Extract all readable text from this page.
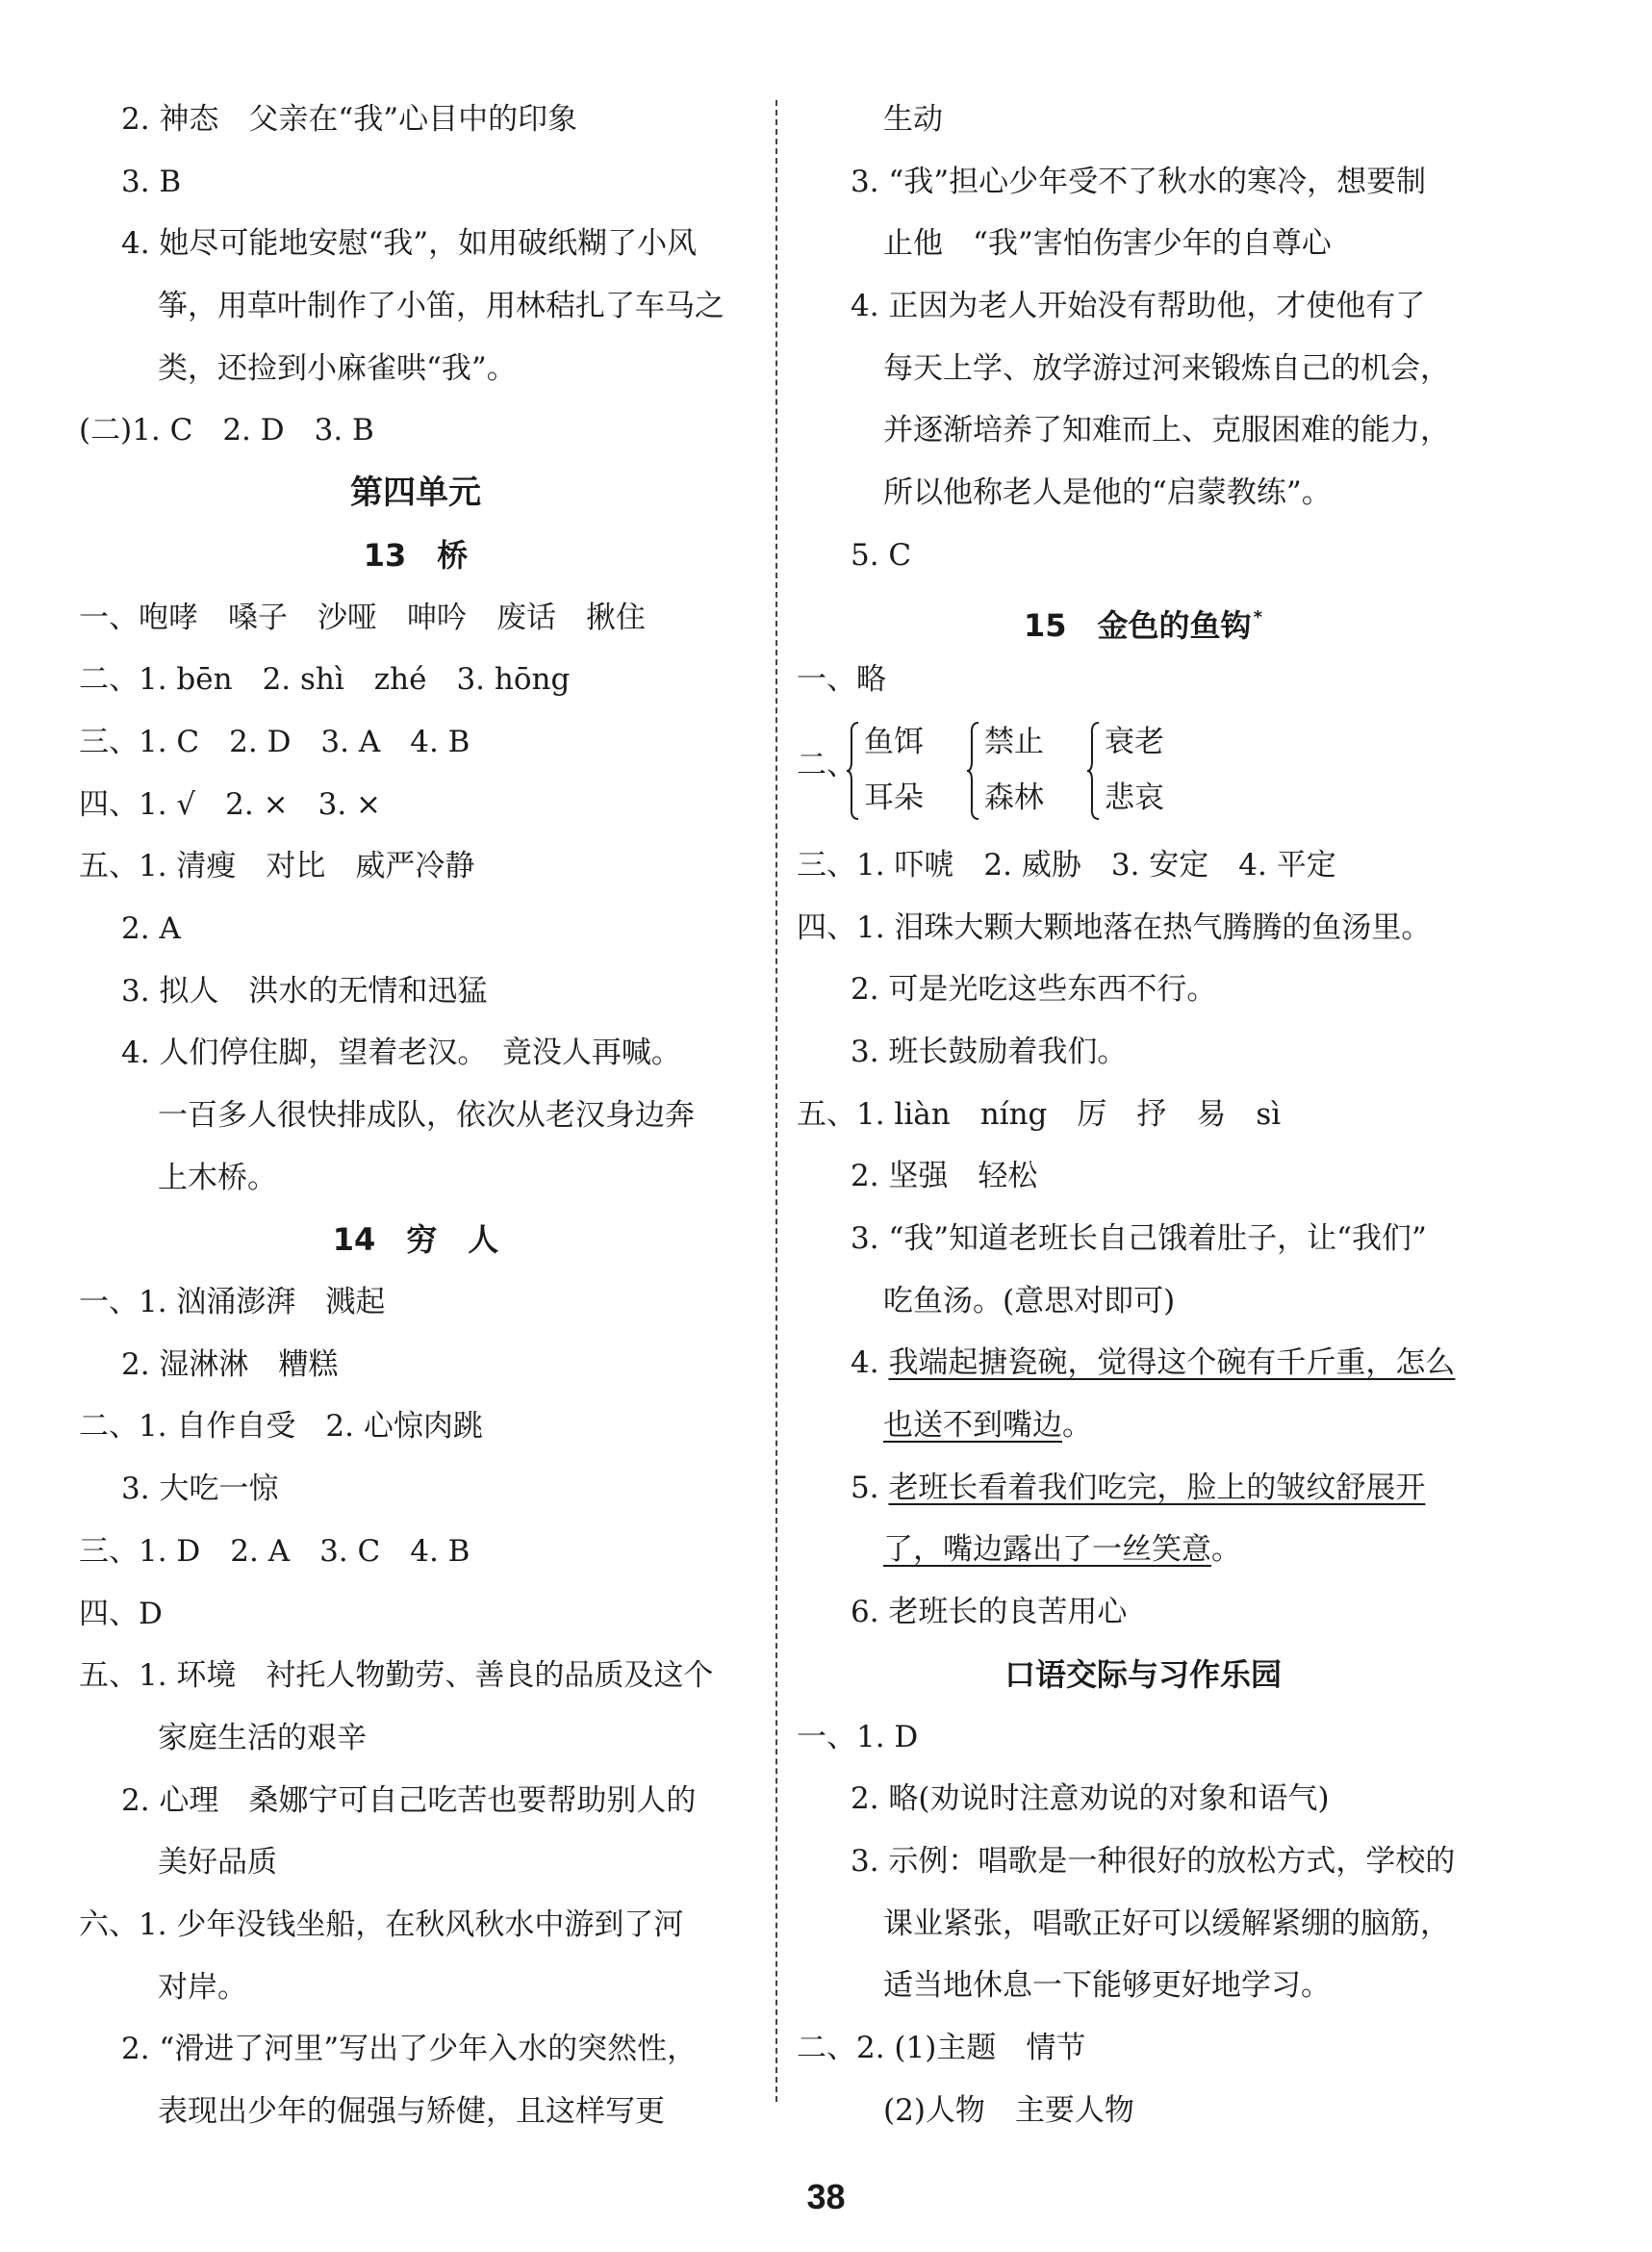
2. 神态　父亲在“我”心目中的印象
3. B
4. 她尽可能地安慰“我”，如用破纸糊了小风
筝，用草叶制作了小笛，用林秸扎了车马之
类，还捡到小麻雀哄“我”。
(二)1. C　2. D　3. B
第四单元
13　桥
一、咆哮　嗓子　沙哑　呻吟　废话　揪住
二、1. bēn　2. shì　zhé　3. hōng
三、1. C　2. D　3. A　4. B
四、1. √　2. ×　3. ×
五、1. 清瘦　对比　威严冷静
2. A
3. 拟人　洪水的无情和迅猛
4. 人们停住脚，望着老汉。　竟没人再喊。
一百多人很快排成队，依次从老汉身边奔
上木桥。
14　穷　人
一、1. 汹涌澎湃　溅起
2. 湿淋淋　糟糕
二、1. 自作自受　2. 心惊肉跳
3. 大吃一惊
三、1. D　2. A　3. C　4. B
四、D
五、1. 环境　衬托人物勤劳、善良的品质及这个
家庭生活的艰辛
2. 心理　桑娜宁可自己吃苦也要帮助别人的
美好品质
六、1. 少年没钱坐船，在秋风秋水中游到了河
对岸。
2. “滑进了河里”写出了少年入水的突然性，
表现出少年的倔强与矫健，且这样写更
生动
3. “我”担心少年受不了秋水的寒冷，想要制
止他　“我”害怕伤害少年的自尊心
4. 正因为老人开始没有帮助他，才使他有了
每天上学、放学游过河来锻炼自己的机会，
并逐渐培养了知难而上、克服困难的能力，
所以他称老人是他的“启蒙教练”。
5. C
15　金色的鱼钩 *
一、略
二、
鱼饵
耳朵
禁止
森林
衰老
悲哀
三、1. 吓唬　2. 威胁　3. 安定　4. 平定
四、1. 泪珠大颗大颗地落在热气腾腾的鱼汤里。
2. 可是光吃这些东西不行。
3. 班长鼓励着我们。
五、1. liàn　níng　厉　抒　易　sì
2. 坚强　轻松
3. “我”知道老班长自己饿着肚子，让“我们”
吃鱼汤。(意思对即可)
4. 我端起搪瓷碗，觉得这个碗有千斤重，怎么
也送不到嘴边。
5. 老班长看着我们吃完，脸上的皱纹舒展开
了，嘴边露出了一丝笑意。
6. 老班长的良苦用心
口语交际与习作乐园
一、1. D
2. 略(劝说时注意劝说的对象和语气)
3. 示例：唱歌是一种很好的放松方式，学校的
课业紧张，唱歌正好可以缓解紧绷的脑筋，
适当地休息一下能够更好地学习。
二、2. (1)主题　情节
(2)人物　主要人物
38
